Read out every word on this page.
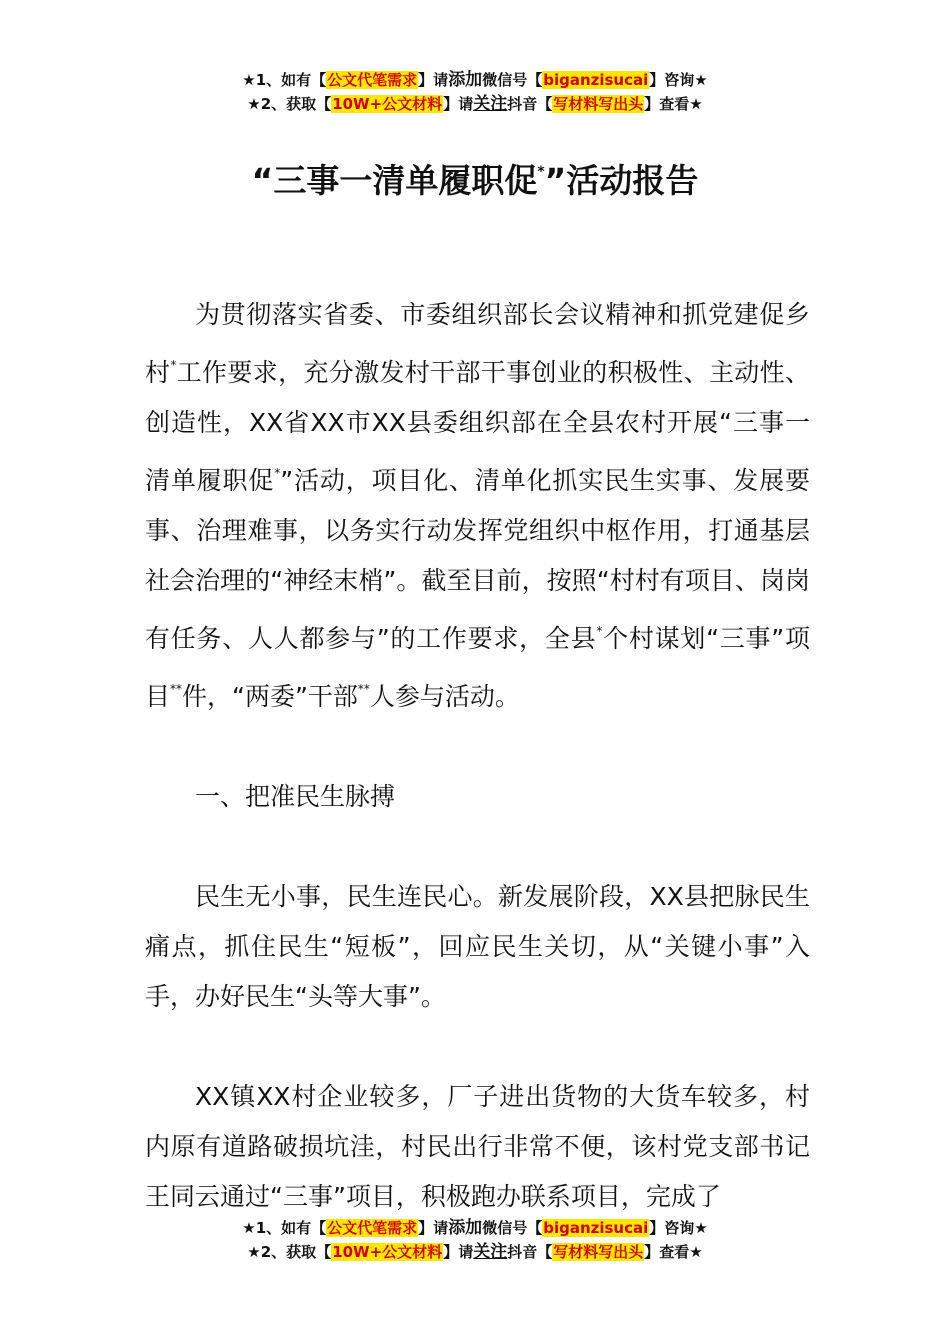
★1、如有【公文代笔需求】请添加微信号【biganzisucai】咨询★
★2、获取【10W+公文材料】请关注抖音【写材料写出头】查看★
“三事一清单履职促*”活动报告

为贯彻落实省委、市委组织部长会议精神和抓党建促乡村*工作要求，充分激发村干部干事创业的积极性、主动性、创造性，XX省XX市XX县委组织部在全县农村开展“三事一清单履职促*”活动，项目化、清单化抓实民生实事、发展要事、治理难事，以务实行动发挥党组织中枢作用，打通基层社会治理的“神经末梢”。截至目前，按照“村村有项目、岗岗有任务、人人都参与”的工作要求，全县*个村谋划“三事”项目**件，“两委”干部**人参与活动。

一、把准民生脉搏

民生无小事，民生连民心。新发展阶段，XX县把脉民生痛点，抓住民生“短板”，回应民生关切，从“关键小事”入手，办好民生“头等大事”。

XX镇XX村企业较多，厂子进出货物的大货车较多，村内原有道路破损坑洼，村民出行非常不便，该村党支部书记王同云通过“三事”项目，积极跑办联系项目，完成了

★1、如有【公文代笔需求】请添加微信号【biganzisucai】咨询★
★2、获取【10W+公文材料】请关注抖音【写材料写出头】查看★
